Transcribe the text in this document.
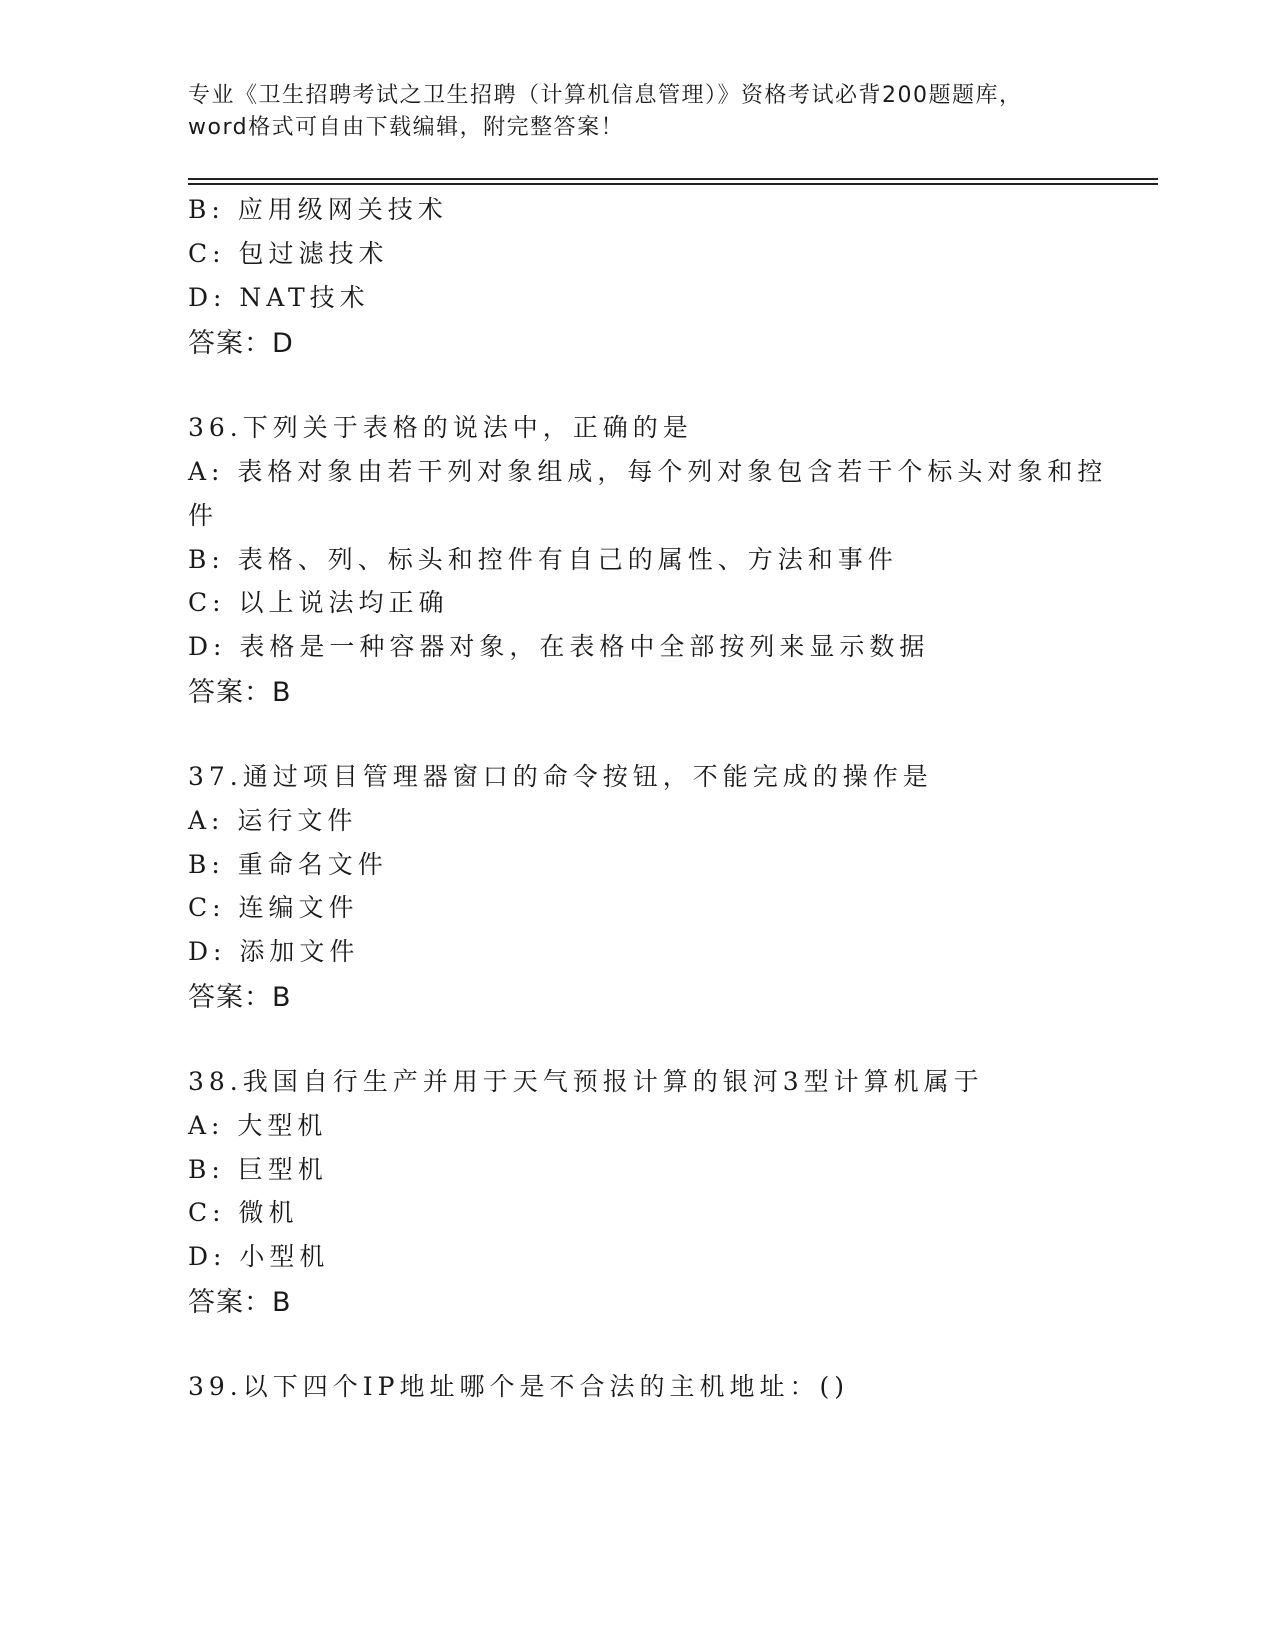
专业《卫生招聘考试之卫生招聘（计算机信息管理）》资格考试必背200题题库，
word格式可自由下载编辑，附完整答案！
B: 应用级网关技术
C: 包过滤技术
D: NAT技术
答案：D
36.下列关于表格的说法中，正确的是
A: 表格对象由若干列对象组成，每个列对象包含若干个标头对象和控
件
B: 表格、列、标头和控件有自己的属性、方法和事件
C: 以上说法均正确
D: 表格是一种容器对象，在表格中全部按列来显示数据
答案：B
37.通过项目管理器窗口的命令按钮，不能完成的操作是
A: 运行文件
B: 重命名文件
C: 连编文件
D: 添加文件
答案：B
38.我国自行生产并用于天气预报计算的银河3型计算机属于
A: 大型机
B: 巨型机
C: 微机
D: 小型机
答案：B
39.以下四个IP地址哪个是不合法的主机地址：()
